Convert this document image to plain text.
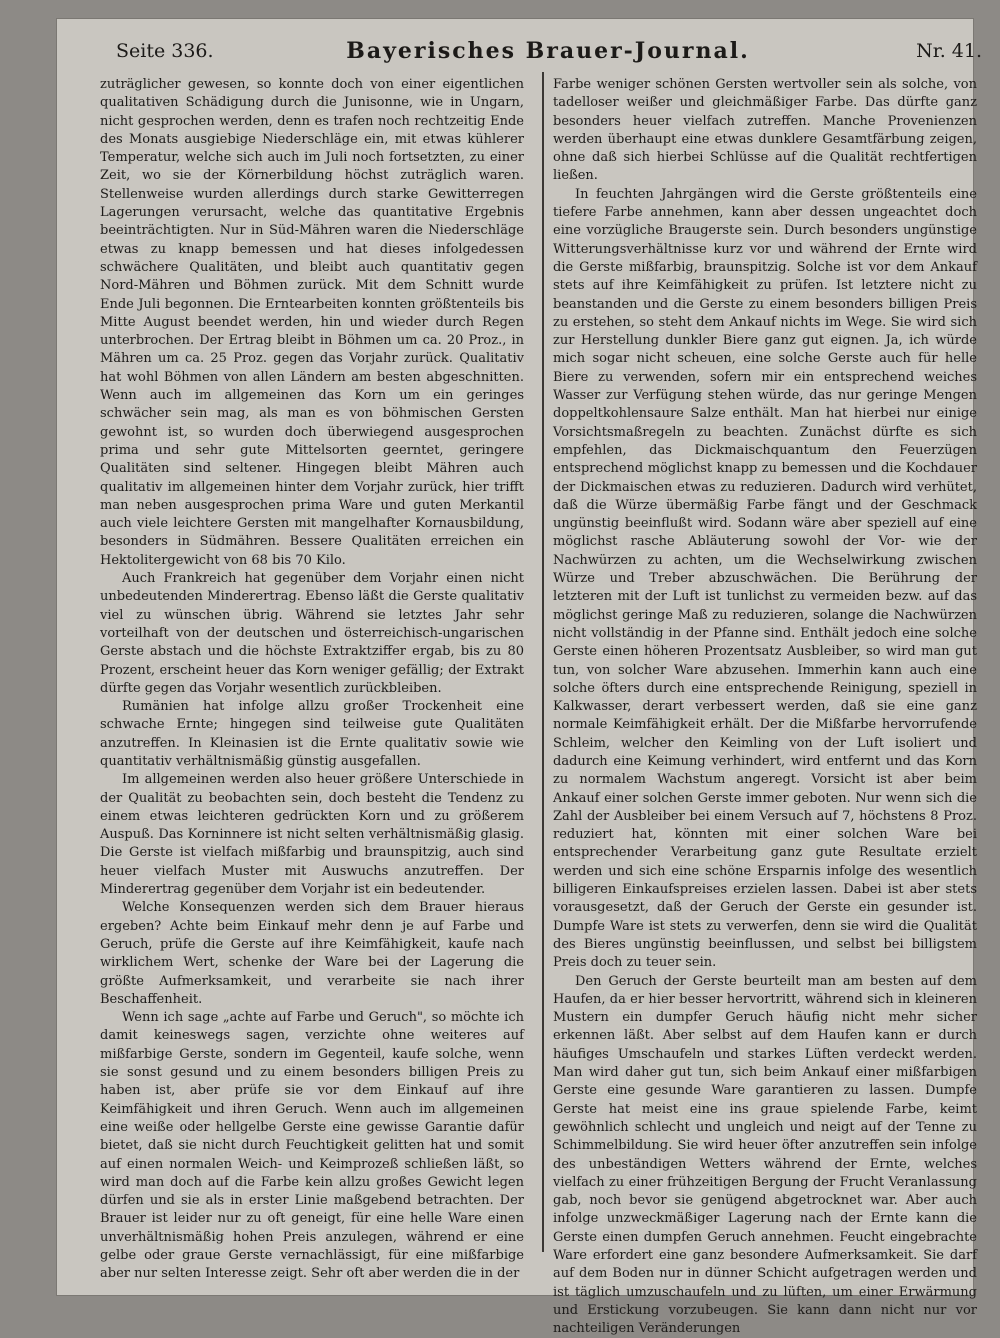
Seite 336.	Bayerisches Brauer-Journal.	Nr. 41.

zuträglicher gewesen, so konnte doch von einer eigentlichen qualitativen Schädigung durch die Junisonne, wie in Ungarn, nicht gesprochen werden, denn es trafen noch rechtzeitig Ende des Monats ausgiebige Niederschläge ein, mit etwas kühlerer Temperatur, welche sich auch im Juli noch fortsetzten, zu einer Zeit, wo sie der Körnerbildung höchst zuträglich waren. Stellenweise wurden allerdings durch starke Gewitterregen Lagerungen verursacht, welche das quantitative Ergebnis beeinträchtigten. Nur in Süd-Mähren waren die Niederschläge etwas zu knapp bemessen und hat dieses infolgedessen schwächere Qualitäten, und bleibt auch quantitativ gegen Nord-Mähren und Böhmen zurück. Mit dem Schnitt wurde Ende Juli begonnen. Die Erntearbeiten konnten größtenteils bis Mitte August beendet werden, hin und wieder durch Regen unterbrochen. Der Ertrag bleibt in Böhmen um ca. 20 Proz., in Mähren um ca. 25 Proz. gegen das Vorjahr zurück. Qualitativ hat wohl Böhmen von allen Ländern am besten abgeschnitten. Wenn auch im allgemeinen das Korn um ein geringes schwächer sein mag, als man es von böhmischen Gersten gewohnt ist, so wurden doch überwiegend ausgesprochen prima und sehr gute Mittelsorten geerntet, geringere Qualitäten sind seltener. Hingegen bleibt Mähren auch qualitativ im allgemeinen hinter dem Vorjahr zurück, hier trifft man neben ausgesprochen prima Ware und guten Merkantil auch viele leichtere Gersten mit mangelhafter Kornausbildung, besonders in Südmähren. Bessere Qualitäten erreichen ein Hektolitergewicht von 68 bis 70 Kilo.

Auch Frankreich hat gegenüber dem Vorjahr einen nicht unbedeutenden Minderertrag. Ebenso läßt die Gerste qualitativ viel zu wünschen übrig. Während sie letztes Jahr sehr vorteilhaft von der deutschen und österreichisch-ungarischen Gerste abstach und die höchste Extraktziffer ergab, bis zu 80 Prozent, erscheint heuer das Korn weniger gefällig; der Extrakt dürfte gegen das Vorjahr wesentlich zurückbleiben.

Rumänien hat infolge allzu großer Trockenheit eine schwache Ernte; hingegen sind teilweise gute Qualitäten anzutreffen. In Kleinasien ist die Ernte qualitativ sowie wie quantitativ verhältnismäßig günstig ausgefallen.

Im allgemeinen werden also heuer größere Unterschiede in der Qualität zu beobachten sein, doch besteht die Tendenz zu einem etwas leichteren gedrückten Korn und zu größerem Auspuß. Das Korninnere ist nicht selten verhältnismäßig glasig. Die Gerste ist vielfach mißfarbig und braunspitzig, auch sind heuer vielfach Muster mit Auswuchs anzutreffen. Der Minderertrag gegenüber dem Vorjahr ist ein bedeutender.

Welche Konsequenzen werden sich dem Brauer hieraus ergeben? Achte beim Einkauf mehr denn je auf Farbe und Geruch, prüfe die Gerste auf ihre Keimfähigkeit, kaufe nach wirklichem Wert, schenke der Ware bei der Lagerung die größte Aufmerksamkeit, und verarbeite sie nach ihrer Beschaffenheit.

Wenn ich sage „achte auf Farbe und Geruch", so möchte ich damit keineswegs sagen, verzichte ohne weiteres auf mißfarbige Gerste, sondern im Gegenteil, kaufe solche, wenn sie sonst gesund und zu einem besonders billigen Preis zu haben ist, aber prüfe sie vor dem Einkauf auf ihre Keimfähigkeit und ihren Geruch. Wenn auch im allgemeinen eine weiße oder hellgelbe Gerste eine gewisse Garantie dafür bietet, daß sie nicht durch Feuchtigkeit gelitten hat und somit auf einen normalen Weich- und Keimprozeß schließen läßt, so wird man doch auf die Farbe kein allzu großes Gewicht legen dürfen und sie als in erster Linie maßgebend betrachten. Der Brauer ist leider nur zu oft geneigt, für eine helle Ware einen unverhältnismäßig hohen Preis anzulegen, während er eine gelbe oder graue Gerste vernachlässigt, für eine mißfarbige aber nur selten Interesse zeigt. Sehr oft aber werden die in der

Farbe weniger schönen Gersten wertvoller sein als solche, von tadelloser weißer und gleichmäßiger Farbe. Das dürfte ganz besonders heuer vielfach zutreffen. Manche Provenienzen werden überhaupt eine etwas dunklere Gesamtfärbung zeigen, ohne daß sich hierbei Schlüsse auf die Qualität rechtfertigen ließen.

In feuchten Jahrgängen wird die Gerste größtenteils eine tiefere Farbe annehmen, kann aber dessen ungeachtet doch eine vorzügliche Braugerste sein. Durch besonders ungünstige Witterungsverhältnisse kurz vor und während der Ernte wird die Gerste mißfarbig, braunspitzig. Solche ist vor dem Ankauf stets auf ihre Keimfähigkeit zu prüfen. Ist letztere nicht zu beanstanden und die Gerste zu einem besonders billigen Preis zu erstehen, so steht dem Ankauf nichts im Wege. Sie wird sich zur Herstellung dunkler Biere ganz gut eignen. Ja, ich würde mich sogar nicht scheuen, eine solche Gerste auch für helle Biere zu verwenden, sofern mir ein entsprechend weiches Wasser zur Verfügung stehen würde, das nur geringe Mengen doppeltkohlensaure Salze enthält. Man hat hierbei nur einige Vorsichtsmaßregeln zu beachten. Zunächst dürfte es sich empfehlen, das Dickmaischquantum den Feuerzügen entsprechend möglichst knapp zu bemessen und die Kochdauer der Dickmaischen etwas zu reduzieren. Dadurch wird verhütet, daß die Würze übermäßig Farbe fängt und der Geschmack ungünstig beeinflußt wird. Sodann wäre aber speziell auf eine möglichst rasche Abläuterung sowohl der Vor- wie der Nachwürzen zu achten, um die Wechselwirkung zwischen Würze und Treber abzuschwächen. Die Berührung der letzteren mit der Luft ist tunlichst zu vermeiden bezw. auf das möglichst geringe Maß zu reduzieren, solange die Nachwürzen nicht vollständig in der Pfanne sind. Enthält jedoch eine solche Gerste einen höheren Prozentsatz Ausbleiber, so wird man gut tun, von solcher Ware abzusehen. Immerhin kann auch eine solche öfters durch eine entsprechende Reinigung, speziell in Kalkwasser, derart verbessert werden, daß sie eine ganz normale Keimfähigkeit erhält. Der die Mißfarbe hervorrufende Schleim, welcher den Keimling von der Luft isoliert und dadurch eine Keimung verhindert, wird entfernt und das Korn zu normalem Wachstum angeregt. Vorsicht ist aber beim Ankauf einer solchen Gerste immer geboten. Nur wenn sich die Zahl der Ausbleiber bei einem Versuch auf 7, höchstens 8 Proz. reduziert hat, könnten mit einer solchen Ware bei entsprechender Verarbeitung ganz gute Resultate erzielt werden und sich eine schöne Ersparnis infolge des wesentlich billigeren Einkaufspreises erzielen lassen. Dabei ist aber stets vorausgesetzt, daß der Geruch der Gerste ein gesunder ist. Dumpfe Ware ist stets zu verwerfen, denn sie wird die Qualität des Bieres ungünstig beeinflussen, und selbst bei billigstem Preis doch zu teuer sein.

Den Geruch der Gerste beurteilt man am besten auf dem Haufen, da er hier besser hervortritt, während sich in kleineren Mustern ein dumpfer Geruch häufig nicht mehr sicher erkennen läßt. Aber selbst auf dem Haufen kann er durch häufiges Umschaufeln und starkes Lüften verdeckt werden. Man wird daher gut tun, sich beim Ankauf einer mißfarbigen Gerste eine gesunde Ware garantieren zu lassen. Dumpfe Gerste hat meist eine ins graue spielende Farbe, keimt gewöhnlich schlecht und ungleich und neigt auf der Tenne zu Schimmelbildung. Sie wird heuer öfter anzutreffen sein infolge des unbeständigen Wetters während der Ernte, welches vielfach zu einer frühzeitigen Bergung der Frucht Veranlassung gab, noch bevor sie genügend abgetrocknet war. Aber auch infolge unzweckmäßiger Lagerung nach der Ernte kann die Gerste einen dumpfen Geruch annehmen. Feucht eingebrachte Ware erfordert eine ganz besondere Aufmerksamkeit. Sie darf auf dem Boden nur in dünner Schicht aufgetragen werden und ist täglich umzuschaufeln und zu lüften, um einer Erwärmung und Erstickung vorzubeugen. Sie kann dann nicht nur vor nachteiligen Veränderungen
